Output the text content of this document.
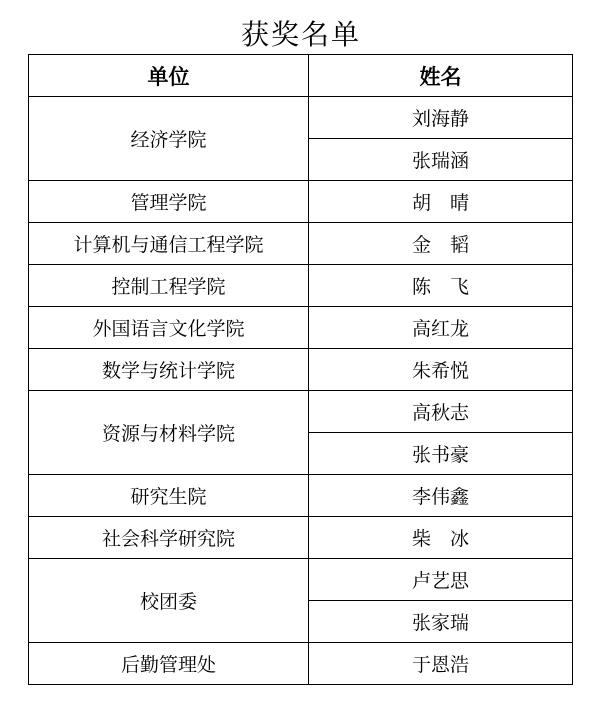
获奖名单
单位	姓名
经济学院	刘海静
	张瑞涵
管理学院	胡　晴
计算机与通信工程学院	金　韬
控制工程学院	陈　飞
外国语言文化学院	高红龙
数学与统计学院	朱希悦
资源与材料学院	高秋志
	张书豪
研究生院	李伟鑫
社会科学研究院	柴　冰
校团委	卢艺思
	张家瑞
后勤管理处	于恩浩
